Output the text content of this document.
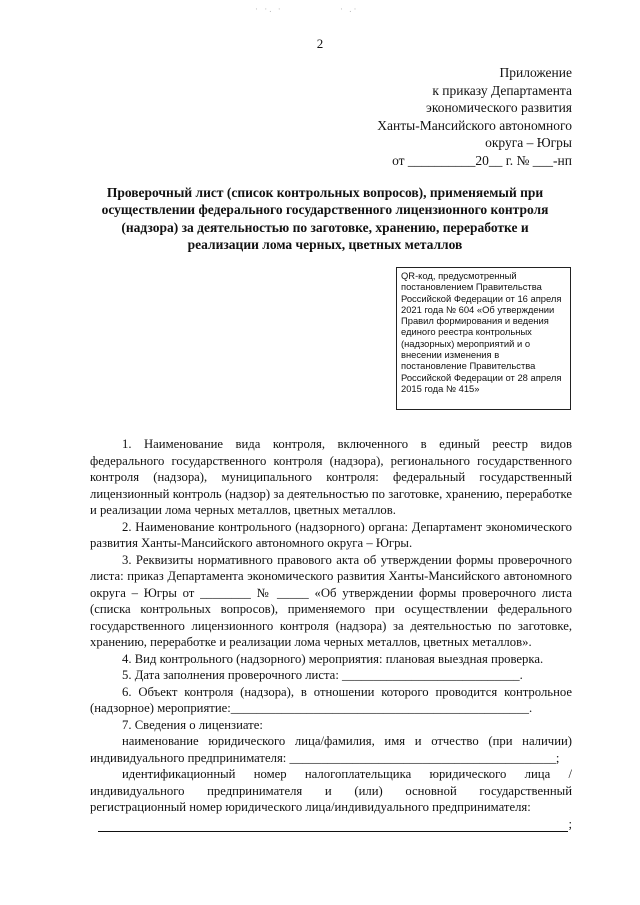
· ·. ·	· .·
2
Приложение
к приказу Департамента
экономического развития
Ханты-Мансийского автономного
округа – Югры
от __________20__ г. № ___-нп
Проверочный лист (список контрольных вопросов), применяемый при осуществлении федерального государственного лицензионного контроля (надзора) за деятельностью по заготовке, хранению, переработке и реализации лома черных, цветных металлов
QR-код, предусмотренный постановлением Правительства Российской Федерации от 16 апреля 2021 года № 604 «Об утверждении Правил формирования и ведения единого реестра контрольных (надзорных) мероприятий и о внесении изменения в постановление Правительства Российской Федерации от 28 апреля 2015 года № 415»

1. Наименование вида контроля, включенного в единый реестр видов федерального государственного контроля (надзора), регионального государственного контроля (надзора), муниципального контроля: федеральный государственный лицензионный контроль (надзор) за деятельностью по заготовке, хранению, переработке и реализации лома черных металлов, цветных металлов.

2. Наименование контрольного (надзорного) органа: Департамент экономического развития Ханты-Мансийского автономного округа – Югры.

3. Реквизиты нормативного правового акта об утверждении формы проверочного листа: приказ Департамента экономического развития Ханты-Мансийского автономного округа – Югры от ________ № _____ «Об утверждении формы проверочного листа (списка контрольных вопросов), применяемого при осуществлении федерального государственного лицензионного контроля (надзора) за деятельностью по заготовке, хранению, переработке и реализации лома черных металлов, цветных металлов».

4. Вид контрольного (надзорного) мероприятия: плановая выездная проверка.

5. Дата заполнения проверочного листа: ____________________________.

6. Объект контроля (надзора), в отношении которого проводится контрольное (надзорное) мероприятие:_______________________________________________.

7. Сведения о лицензиате:

наименование юридического лица/фамилия, имя и отчество (при наличии) индивидуального предпринимателя: __________________________________________;

идентификационный номер налогоплательщика юридического лица /индивидуального предпринимателя и (или) основной государственный регистрационный номер юридического лица/индивидуального предпринимателя:

;
